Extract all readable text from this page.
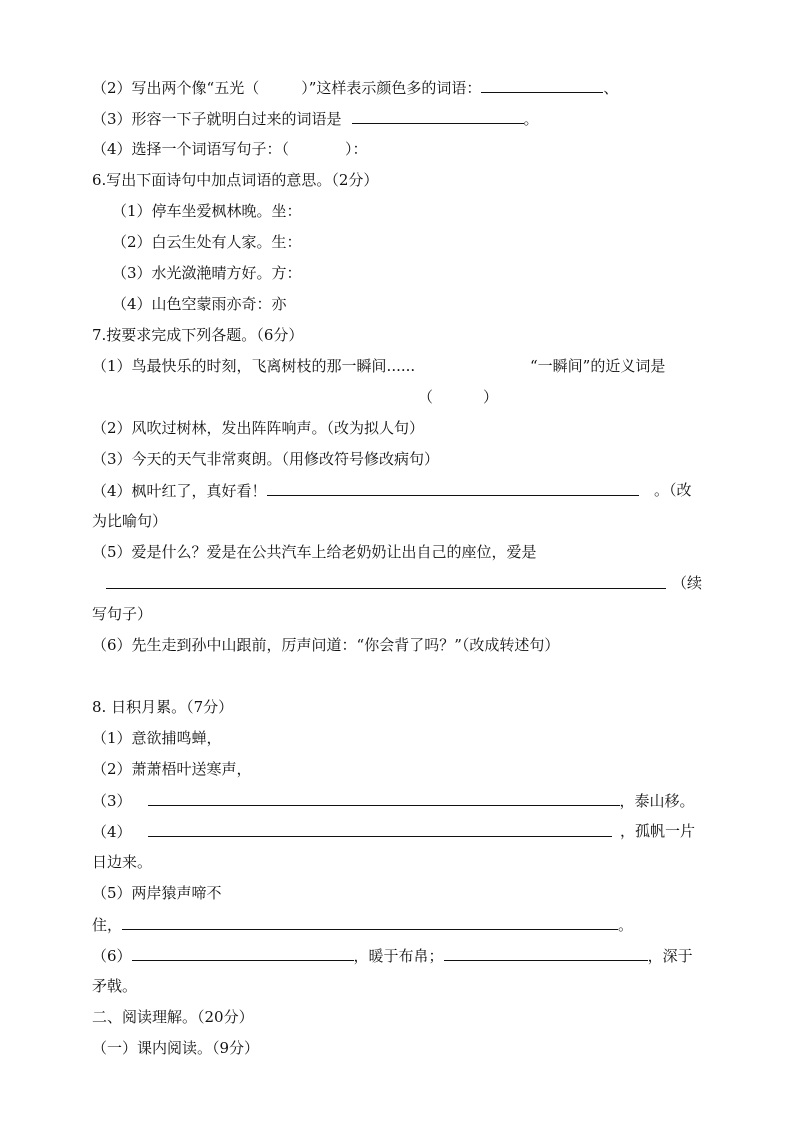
（2）写出两个像“五光（	）”这样表示颜色多的词语：	、
（3）形容一下子就明白过来的词语是	。
（4）选择一个词语写句子：（	）：
6.写出下面诗句中加点词语的意思。（2分）
（1）停车坐爱枫林晚。坐：
（2）白云生处有人家。生：
（3）水光潋滟晴方好。方：
（4）山色空蒙雨亦奇：亦
7.按要求完成下列各题。（6分）
（1）鸟最快乐的时刻，飞离树枝的那一瞬间......	“一瞬间”的近义词是
（	）
（2）风吹过树林，发出阵阵响声。（改为拟人句）
（3）今天的天气非常爽朗。（用修改符号修改病句）
（4）枫叶红了，真好看！	。（改
为比喻句）
（5）爱是什么？爱是在公共汽车上给老奶奶让出自己的座位，爱是
（续
写句子）
（6）先生走到孙中山跟前，厉声问道：“你会背了吗？”（改成转述句）
8. 日积月累。（7分）
（1）意欲捕鸣蝉，
（2）萧萧梧叶送寒声，
（3）	，泰山移。
（4）	，孤帆一片
日边来。
（5）两岸猿声啼不
住，	。
（6）	，暖于布帛；	，深于
矛戟。
二、阅读理解。（20分）
（一）课内阅读。（9分）
